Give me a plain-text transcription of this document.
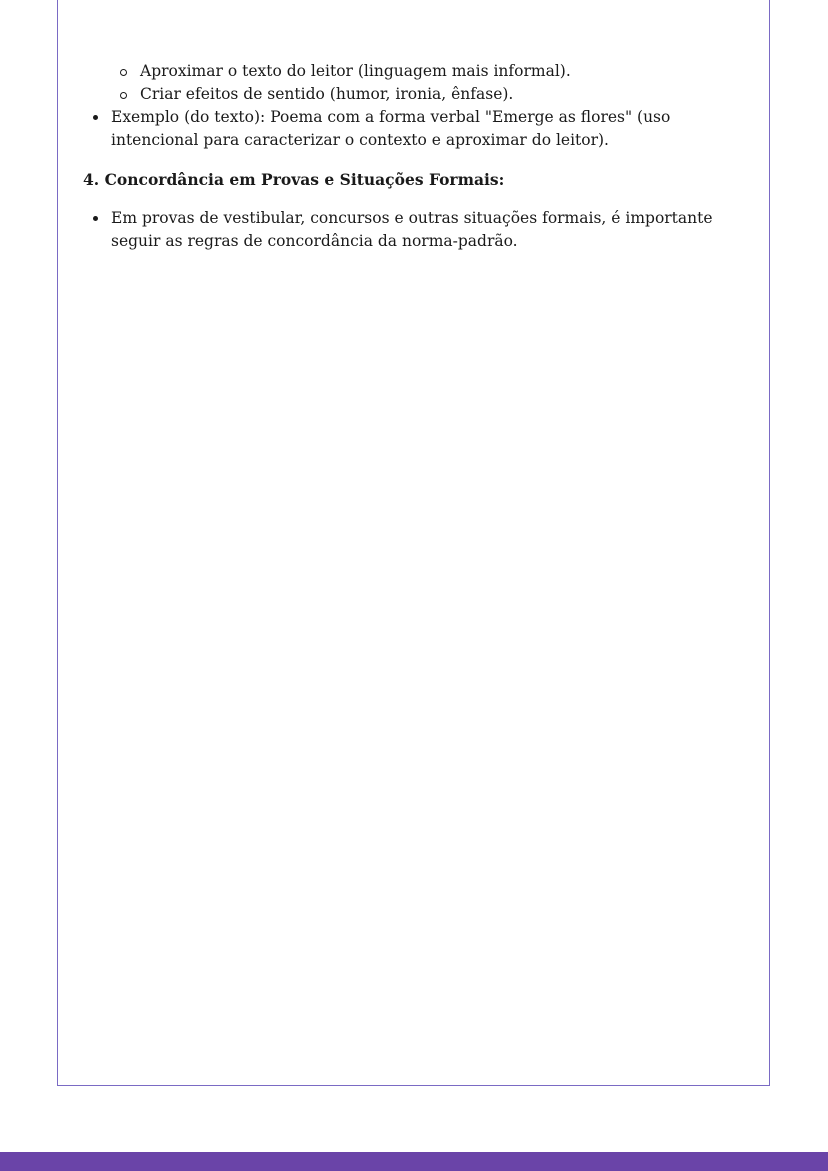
Aproximar o texto do leitor (linguagem mais informal).
Criar efeitos de sentido (humor, ironia, ênfase).
Exemplo (do texto): Poema com a forma verbal "Emerge as flores" (uso intencional para caracterizar o contexto e aproximar do leitor).
4. Concordância em Provas e Situações Formais:
Em provas de vestibular, concursos e outras situações formais, é importante seguir as regras de concordância da norma-padrão.
